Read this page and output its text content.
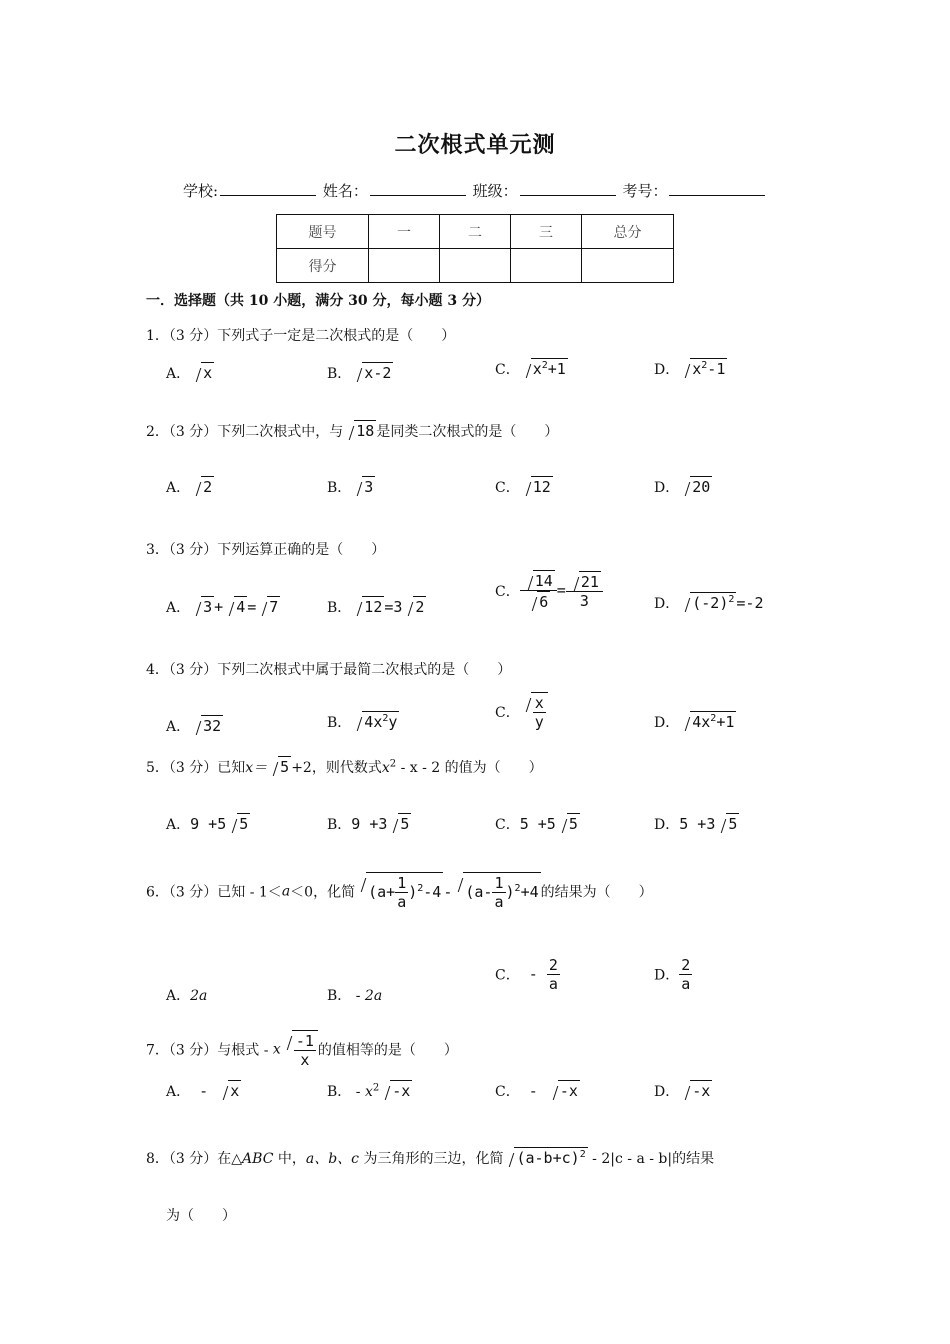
二次根式单元测
学校:	姓名：	班级：	考号：
题号	一	二	三	总分
得分				
一．选择题（共 10 小题，满分 30 分，每小题 3 分）
1．（3 分）下列式子一定是二次根式的是（　　）
A． x	B． x-2	C． $x^2+1$	D． $x^2-1$
2．（3 分）下列二次根式中，与 18 是同类二次根式的是（　　）
A． 2	B． 3	C． 12	D． 20
3．（3 分）下列运算正确的是（　　）
A． 3 + 4 = 7	B． 12 =3 2
C． $\frac{14}{6} = \frac{21}{3}$	D． $(-2)^2 =-2$
4．（3 分）下列二次根式中属于最简二次根式的是（　　）
A． 32	B． $4x^2y$	C． $\frac{x}{y}$	D． $4x^2+1$
5．（3 分）已知x＝ 5 +2，则代数式$x^2$ - x - 2 的值为（　　）
A．9 +5 5	B．9 +3 5	C．5 +5 5	D．5 +3 5
6．（3 分）已知 - 1＜a＜0，化简 $(a+ \frac{1}{a} )^2-4 - (a- \frac{1}{a} )^2+4$ 的结果为（　　）
A．2a	B． - 2a
C． - $\frac{2}{a}$	D． $\frac{2}{a}$
7．（3 分）与根式 - x $\frac{-1}{x}$ 的值相等的是（　　）
A． - x	B． - $x^2$ -x	C． - -x	D． -x
8．（3 分）在△ABC 中，a、b、c 为三角形的三边，化简 $(a-b+c)^2 - 2|c - a - b|$的结果
为（　　）
